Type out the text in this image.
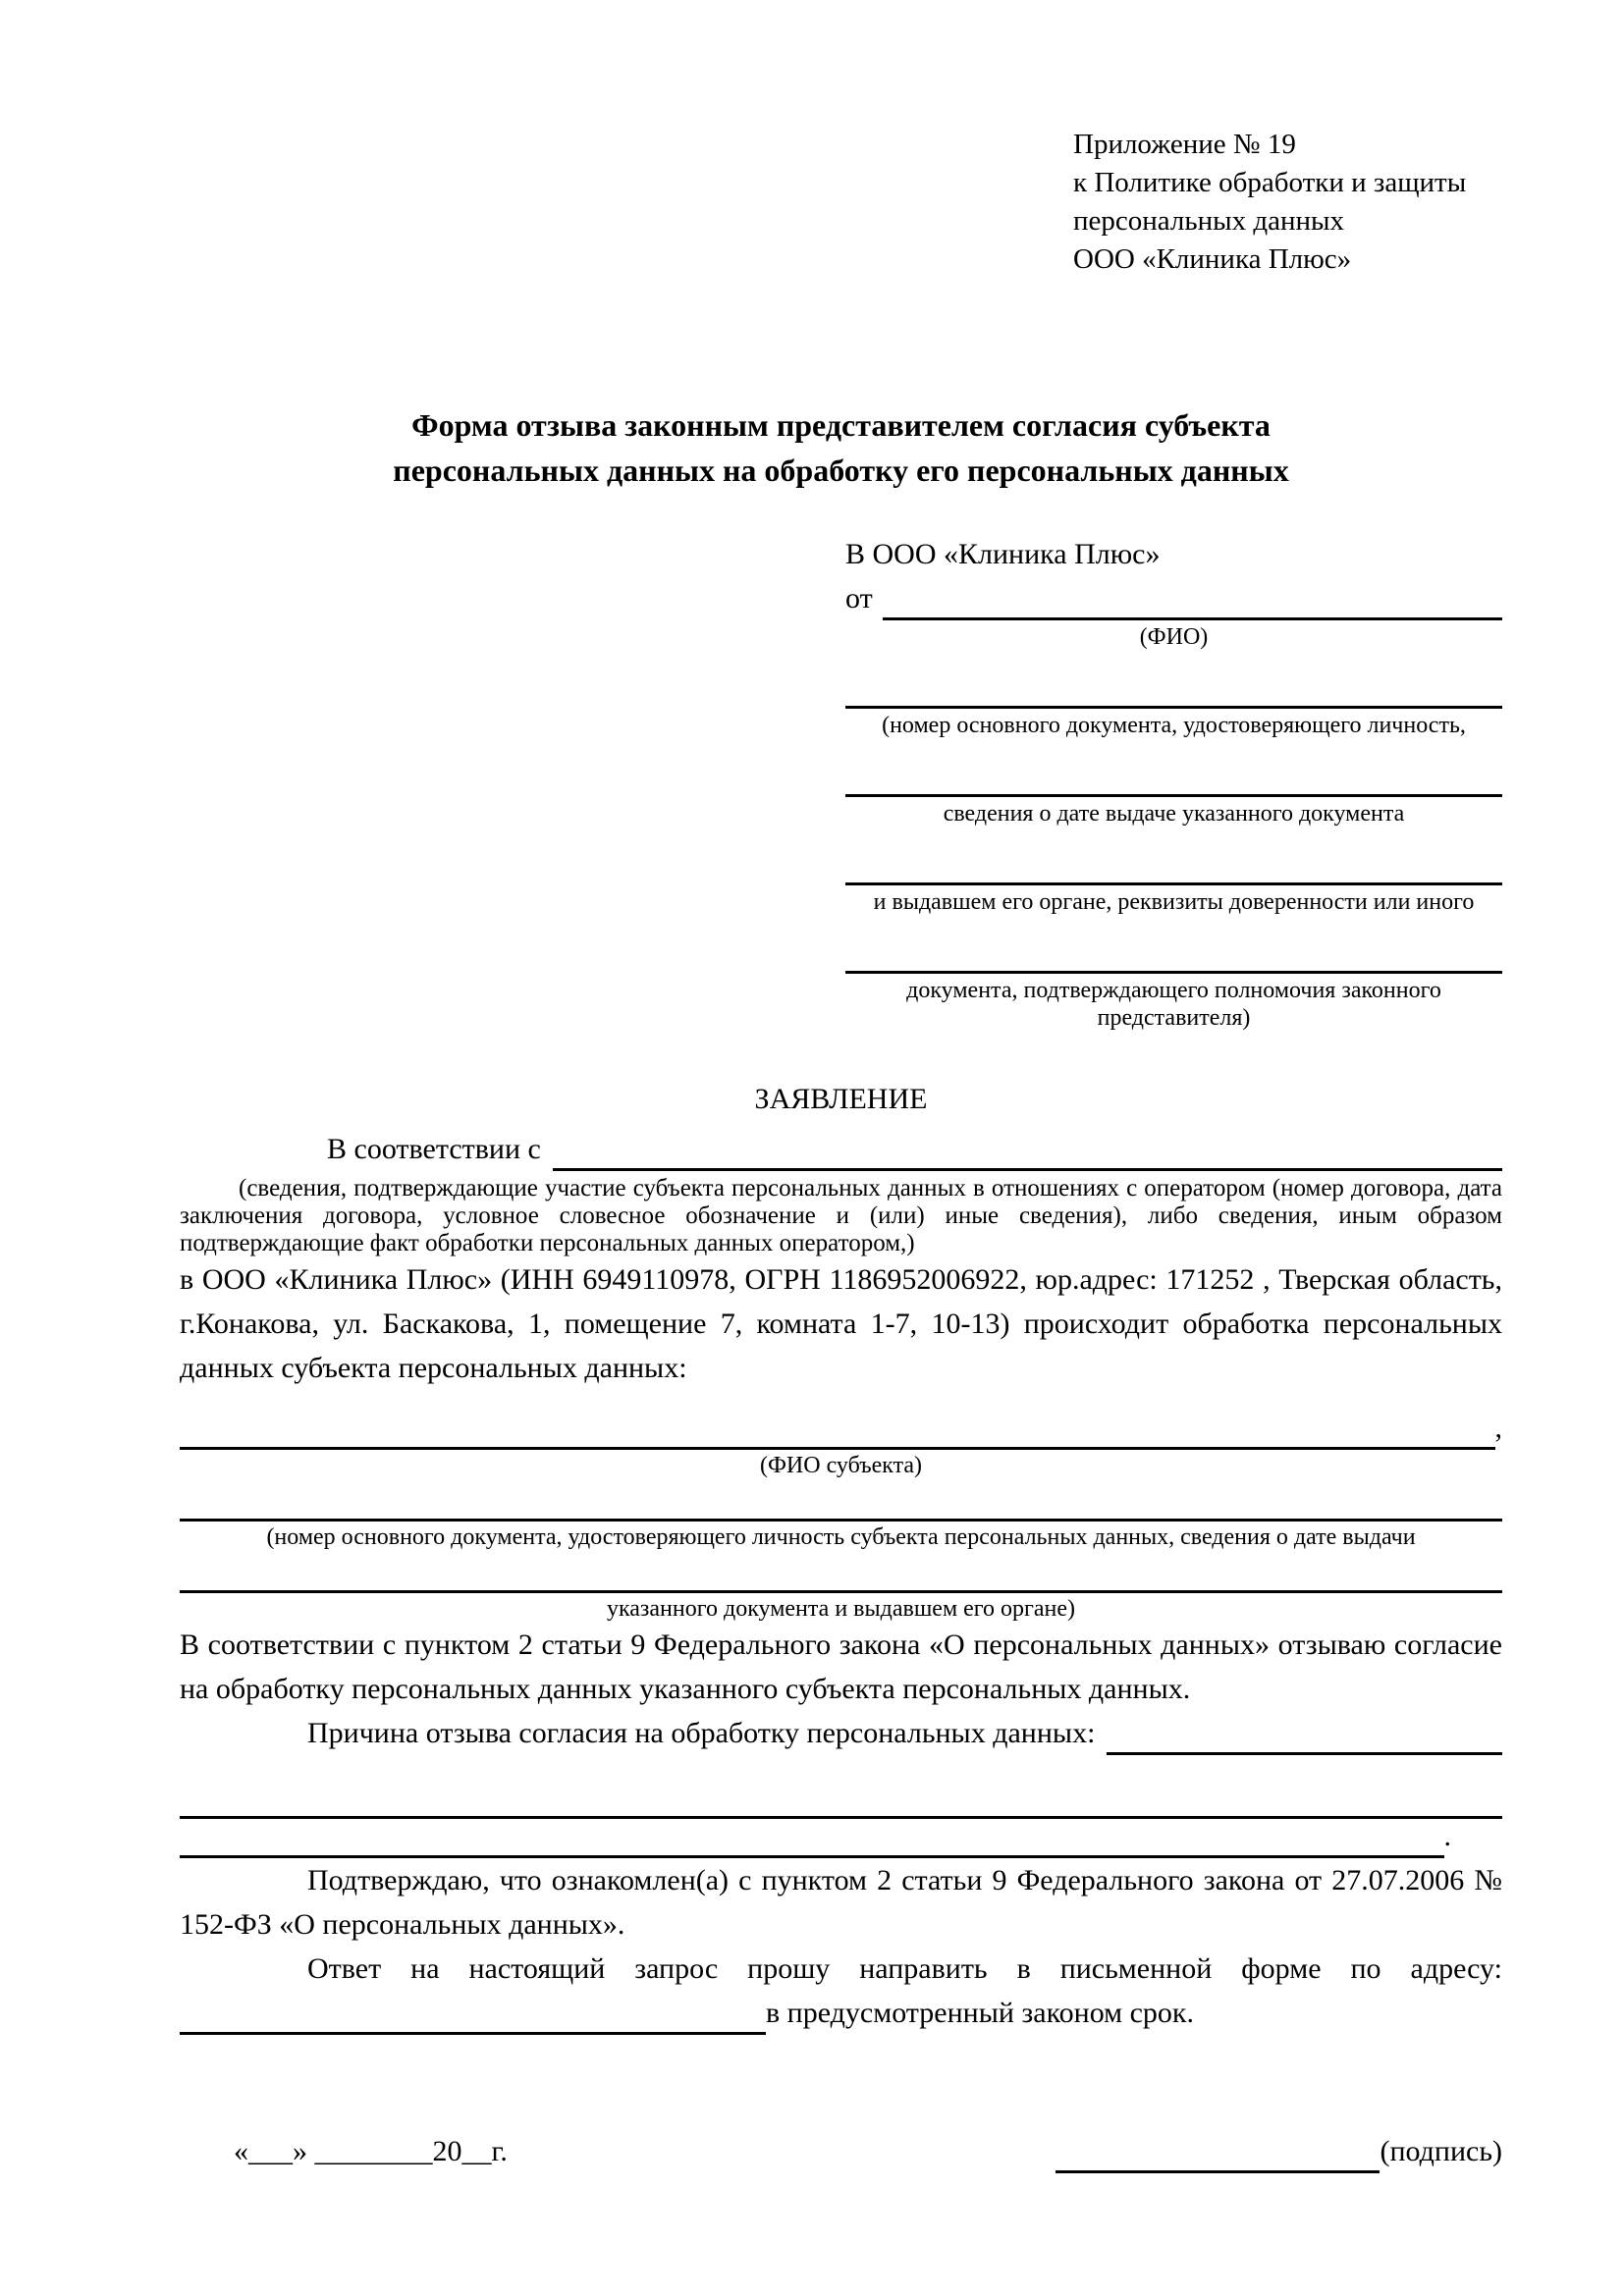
Приложение № 19
к Политике обработки и защиты
персональных данных
ООО «Клиника Плюс»
Форма отзыва законным представителем согласия субъекта
персональных данных на обработку его персональных данных
В ООО «Клиника Плюс»
от
(ФИО)
(номер основного документа, удостоверяющего личность,
сведения о дате выдаче указанного документа
и выдавшем его органе, реквизиты доверенности или иного
документа, подтверждающего полномочия законного представителя)
ЗАЯВЛЕНИЕ
В соответствии с
(сведения, подтверждающие участие субъекта персональных данных в отношениях с оператором (номер договора, дата заключения договора, условное словесное обозначение и (или) иные сведения), либо сведения, иным образом подтверждающие факт обработки персональных данных оператором,)
в ООО «Клиника Плюс» (ИНН 6949110978, ОГРН 1186952006922, юр.адрес: 171252 , Тверская область, г.Конакова, ул. Баскакова, 1, помещение 7, комната 1-7, 10-13) происходит обработка персональных данных субъекта персональных данных:
,
(ФИО субъекта)
(номер основного документа, удостоверяющего личность субъекта персональных данных, сведения о дате выдачи
указанного документа и выдавшем его органе)
В соответствии с пунктом 2 статьи 9 Федерального закона «О персональных данных» отзываю согласие на обработку персональных данных указанного субъекта персональных данных.
Причина отзыва согласия на обработку персональных данных:
.
Подтверждаю, что ознакомлен(а) с пунктом 2 статьи 9 Федерального закона от 27.07.2006 № 152-ФЗ «О персональных данных».
Ответ на настоящий запрос прошу направить в письменной форме по адресу:
в предусмотренный законом срок.
«___» ________20__г.	(подпись)
